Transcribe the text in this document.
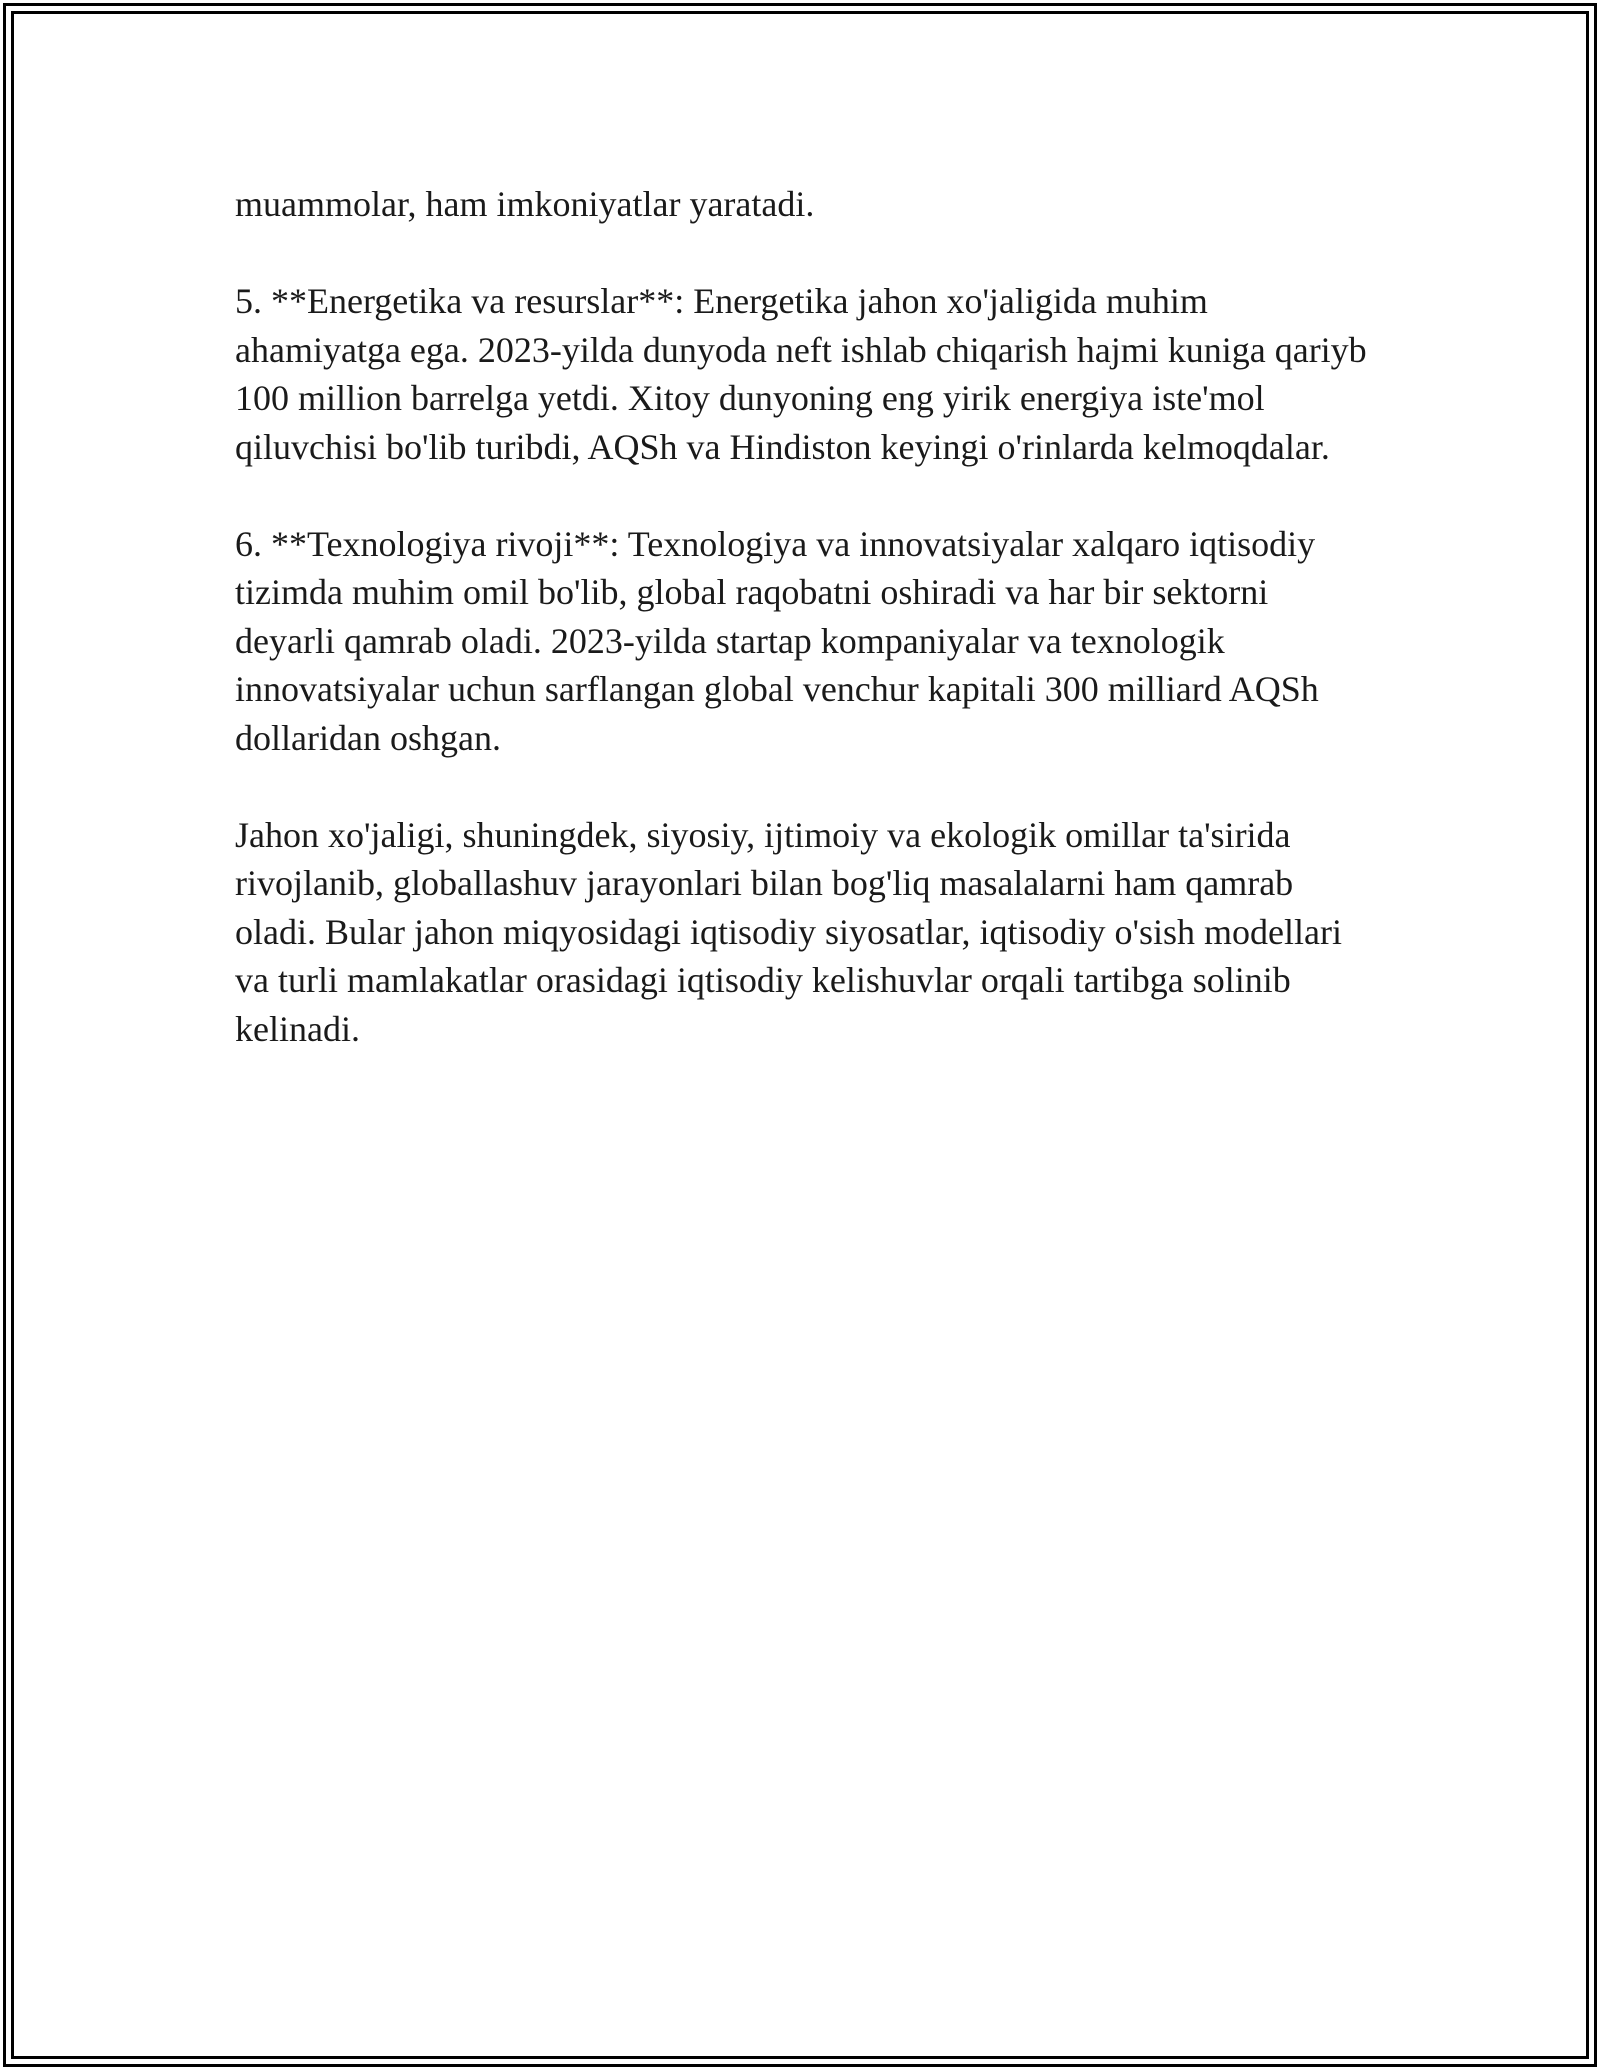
muammolar, ham imkoniyatlar yaratadi.

5. **Energetika va resurslar**: Energetika jahon xo'jaligida muhim ahamiyatga ega. 2023-yilda dunyoda neft ishlab chiqarish hajmi kuniga qariyb 100 million barrelga yetdi. Xitoy dunyoning eng yirik energiya iste'mol qiluvchisi bo'lib turibdi, AQSh va Hindiston keyingi o'rinlarda kelmoqdalar.

6. **Texnologiya rivoji**: Texnologiya va innovatsiyalar xalqaro iqtisodiy tizimda muhim omil bo'lib, global raqobatni oshiradi va har bir sektorni deyarli qamrab oladi. 2023-yilda startap kompaniyalar va texnologik innovatsiyalar uchun sarflangan global venchur kapitali 300 milliard AQSh dollaridan oshgan.

Jahon xo'jaligi, shuningdek, siyosiy, ijtimoiy va ekologik omillar ta'sirida rivojlanib, globallashuv jarayonlari bilan bog'liq masalalarni ham qamrab oladi. Bular jahon miqyosidagi iqtisodiy siyosatlar, iqtisodiy o'sish modellari va turli mamlakatlar orasidagi iqtisodiy kelishuvlar orqali tartibga solinib kelinadi.
